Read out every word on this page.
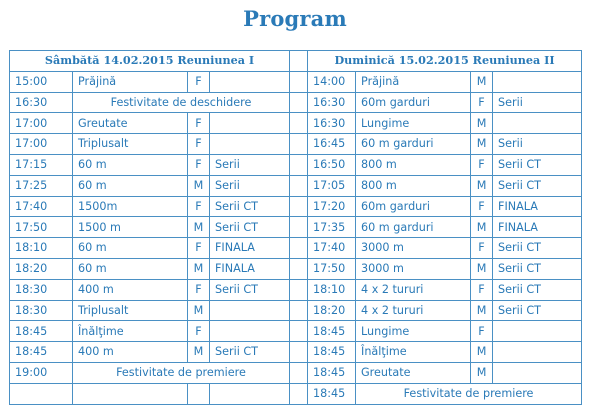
Program
Sâmbătă 14.02.2015 Reuniunea I					Duminică 15.02.2015 Reuniunea II			
15:00	Prăjină	F			14:00	Prăjină	M	
16:30	Festivitate de deschidere				16:30	60m garduri	F	Serii
17:00	Greutate	F			16:30	Lungime	M	
17:00	Triplusalt	F			16:45	60 m garduri	M	Serii
17:15	60 m	F	Serii		16:50	800 m	F	Serii CT
17:25	60 m	M	Serii		17:05	800 m	M	Serii CT
17:40	1500m	F	Serii CT		17:20	60m garduri	F	FINALA
17:50	1500 m	M	Serii CT		17:35	60 m garduri	M	FINALA
18:10	60 m	F	FINALA		17:40	3000 m	F	Serii CT
18:20	60 m	M	FINALA		17:50	3000 m	M	Serii CT
18:30	400 m	F	Serii CT		18:10	4 x 2 tururi	F	Serii CT
18:30	Triplusalt	M			18:20	4 x 2 tururi	M	Serii CT
18:45	Înălţime	F			18:45	Lungime	F	
18:45	400 m	M	Serii CT		18:45	Înălţime	M	
19:00	Festivitate de premiere				18:45	Greutate	M	
					18:45	Festivitate de premiere		
